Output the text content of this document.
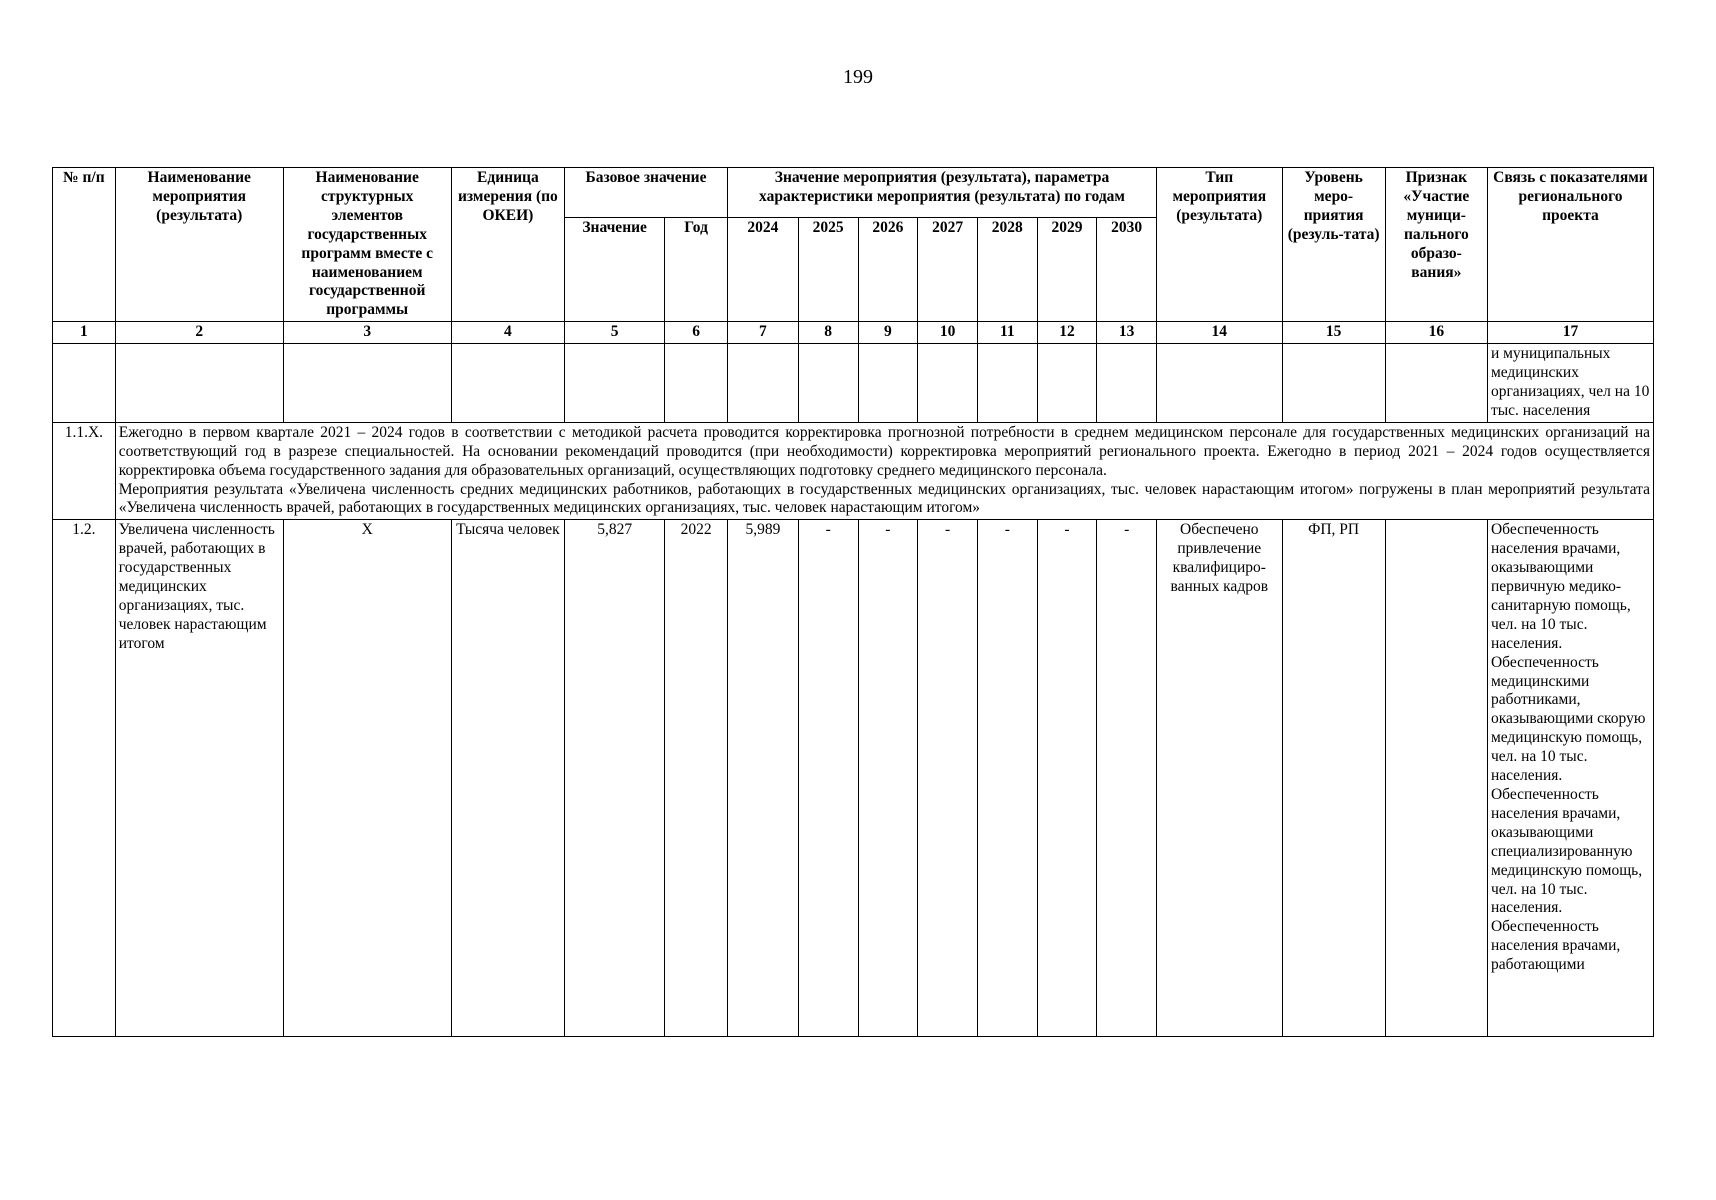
199
№ п/п	Наименование мероприятия (результата)	Наименование структурных элементов государственных программ вместе с наименованием государственной программы	Единица измерения (по ОКЕИ)	Базовое значение		Значение мероприятия (результата), параметра характеристики мероприятия (результата) по годам							Тип мероприятия (результата)	Уровень меро-приятия (резуль-тата)	Признак «Участие муници-пального образо-вания»	Связь с показателями регионального проекта
				Значение	Год	2024	2025	2026	2027	2028	2029	2030				
1	2	3	4	5	6	7	8	9	10	11	12	13	14	15	16	17
																и муниципальных медицинских организациях, чел на 10 тыс. населения
1.1.Х.	Ежегодно в первом квартале 2021 – 2024 годов в соответствии с методикой расчета проводится корректировка прогнозной потребности в среднем медицинском персонале для государственных медицинских организаций на соответствующий год в разрезе специальностей. На основании рекомендаций проводится (при необходимости) корректировка мероприятий регионального проекта. Ежегодно в период 2021 – 2024 годов осуществляется корректировка объема государственного задания для образовательных организаций, осуществляющих подготовку среднего медицинского персонала.
Мероприятия результата «Увеличена численность средних медицинских работников, работающих в государственных медицинских организациях, тыс. человек нарастающим итогом» погружены в план мероприятий результата «Увеличена численность врачей, работающих в государственных медицинских организациях, тыс. человек нарастающим итогом»															

1.2.	Увеличена численность врачей, работающих в государственных медицинских организациях, тыс. человек нарастающим итогом	Х	Тысяча человек	5,827	2022	5,989	-	-	-	-	-	-	Обеспечено привлечение квалифициро-ванных кадров	ФП, РП		Обеспеченность населения врачами, оказывающими первичную медико-санитарную помощь, чел. на 10 тыс. населения. Обеспеченность медицинскими работниками, оказывающими скорую медицинскую помощь, чел. на 10 тыс. населения. Обеспеченность населения врачами, оказывающими специализированную медицинскую помощь, чел. на 10 тыс. населения. Обеспеченность населения врачами, работающими
